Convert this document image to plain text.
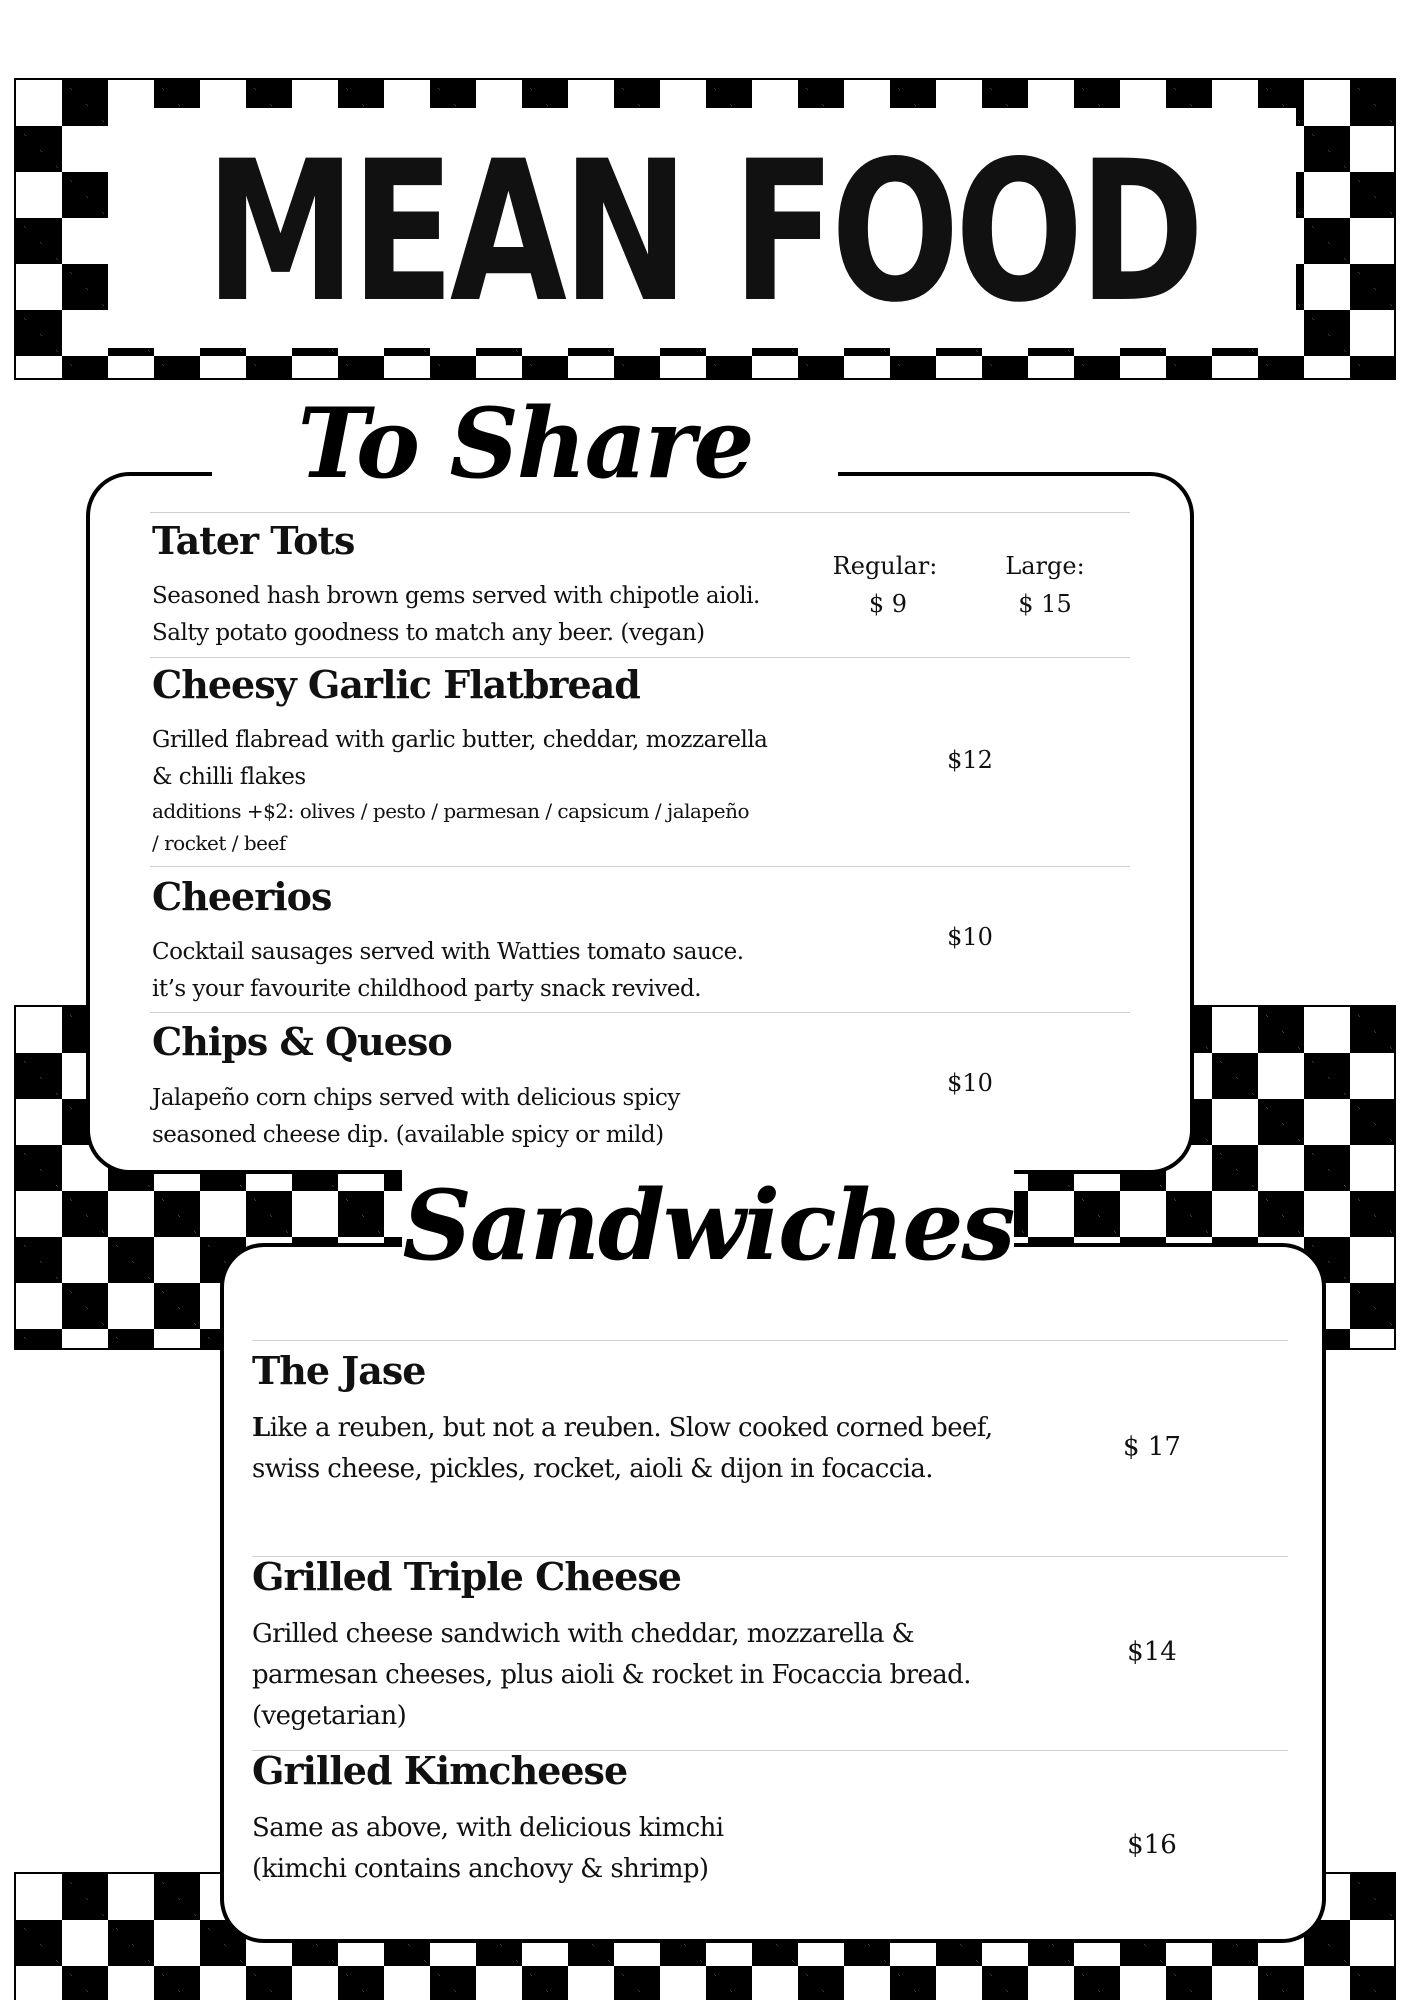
MEAN FOOD
To Share
Tater Tots
Seasoned hash brown gems served with chipotle aioli.
Salty potato goodness to match any beer. (vegan)
Regular:	Large:
$ 9	$ 15
Cheesy Garlic Flatbread
Grilled flabread with garlic butter, cheddar, mozzarella
& chilli flakes
additions +$2: olives / pesto / parmesan / capsicum / jalapeño
/ rocket / beef
$12
Cheerios
Cocktail sausages served with Watties tomato sauce.
it’s your favourite childhood party snack revived.
$10
Chips & Queso
Jalapeño corn chips served with delicious spicy
seasoned cheese dip. (available spicy or mild)
$10
Sandwiches
The Jase
Like a reuben, but not a reuben. Slow cooked corned beef,
swiss cheese, pickles, rocket, aioli & dijon in focaccia.
$ 17
Grilled Triple Cheese
Grilled cheese sandwich with cheddar, mozzarella &
parmesan cheeses, plus aioli & rocket in Focaccia bread.
(vegetarian)
$14
Grilled Kimcheese
Same as above, with delicious kimchi
(kimchi contains anchovy & shrimp)
$16
